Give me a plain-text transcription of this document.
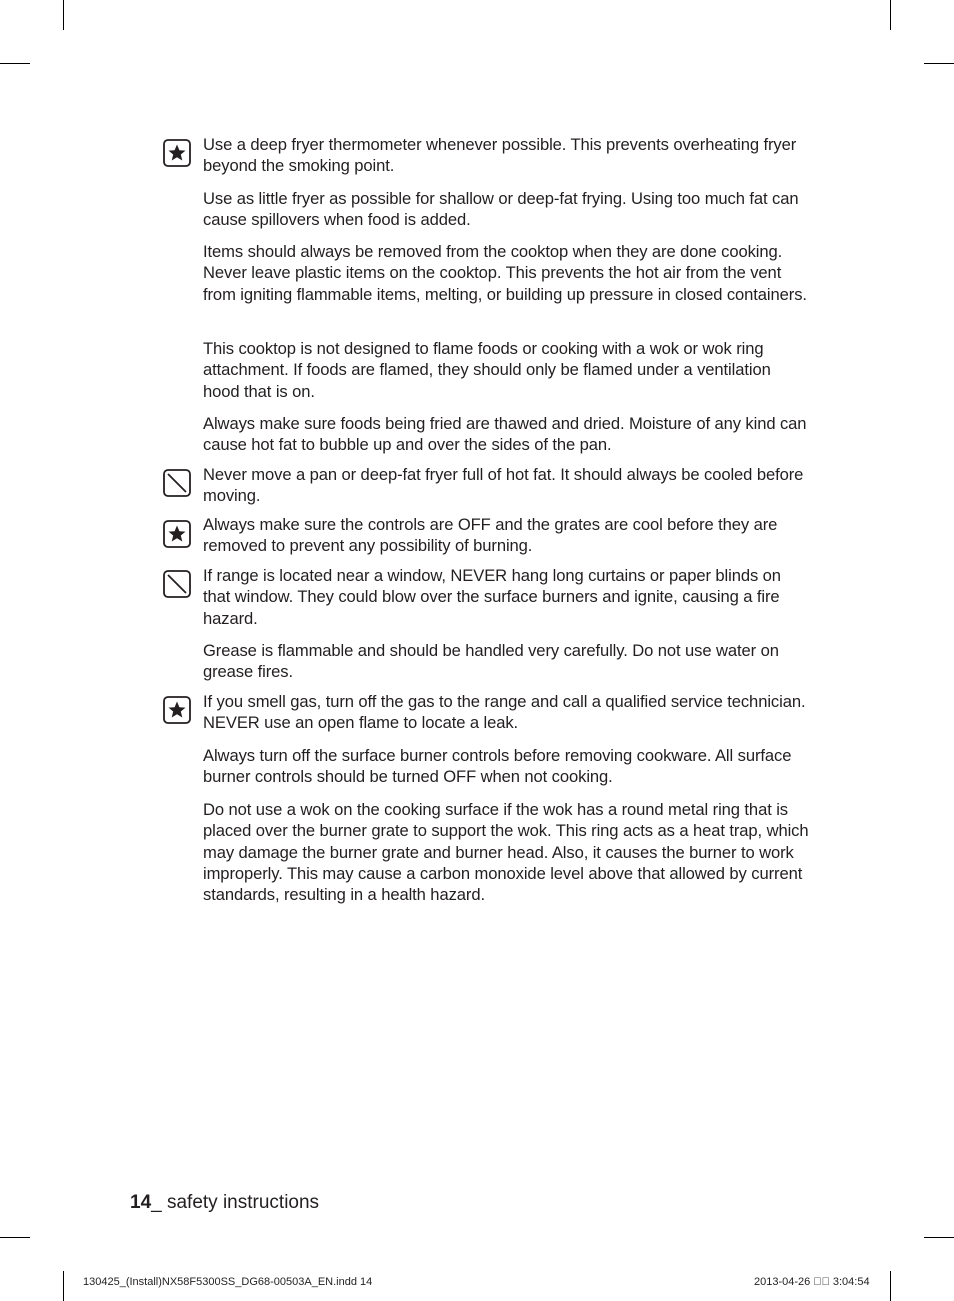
Use a deep fryer thermometer whenever possible. This prevents overheating fryer beyond the smoking point.

Use as little fryer as possible for shallow or deep-fat frying. Using too much fat can cause spillovers when food is added.

Items should always be removed from the cooktop when they are done cooking. Never leave plastic items on the cooktop. This prevents the hot air from the vent from igniting flammable items, melting, or building up pressure in closed containers.

This cooktop is not designed to flame foods or cooking with a wok or wok ring attachment. If foods are flamed, they should only be flamed under a ventilation hood that is on.

Always make sure foods being fried are thawed and dried. Moisture of any kind can cause hot fat to bubble up and over the sides of the pan.

Never move a pan or deep-fat fryer full of hot fat. It should always be cooled before moving.

Always make sure the controls are OFF and the grates are cool before they are removed to prevent any possibility of burning.

If range is located near a window, NEVER hang long curtains or paper blinds on that window. They could blow over the surface burners and ignite, causing a fire hazard.

Grease is flammable and should be handled very carefully. Do not use water on grease fires.

If you smell gas, turn off the gas to the range and call a qualified service technician. NEVER use an open flame to locate a leak.

Always turn off the surface burner controls before removing cookware. All surface burner controls should be turned OFF when not cooking.

Do not use a wok on the cooking surface if the wok has a round metal ring that is placed over the burner grate to support the wok. This ring acts as a heat trap, which may damage the burner grate and burner head. Also, it causes the burner to work improperly. This may cause a carbon monoxide level above that allowed by current standards, resulting in a health hazard.

14_ safety instructions
130425_(Install)NX58F5300SS_DG68-00503A_EN.indd 14	2013-04-26    3:04:54
